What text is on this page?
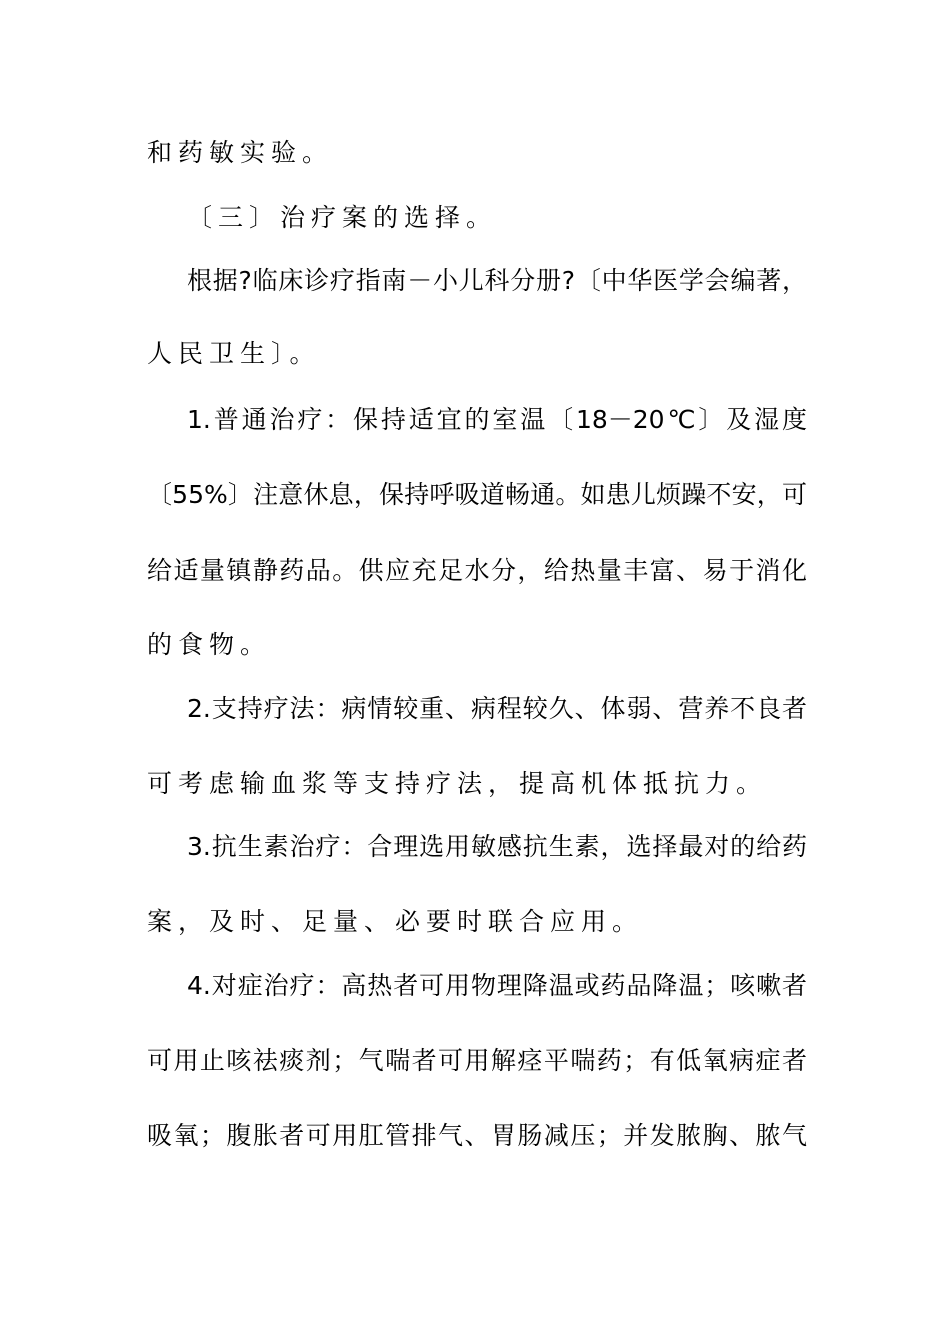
和药敏实验。
〔三〕治疗案的选择。
根据?临床诊疗指南－小儿科分册?〔中华医学会编著，
人民卫生〕。
1.普通治疗：保持适宜的室温〔18－20℃〕及湿度
〔55%〕注意休息，保持呼吸道畅通。如患儿烦躁不安，可
给适量镇静药品。供应充足水分，给热量丰富、易于消化
的食物。
2.支持疗法：病情较重、病程较久、体弱、营养不良者
可考虑输血浆等支持疗法，提高机体抵抗力。
3.抗生素治疗：合理选用敏感抗生素，选择最对的给药
案，及时、足量、必要时联合应用。
4.对症治疗：高热者可用物理降温或药品降温；咳嗽者
可用止咳祛痰剂；气喘者可用解痉平喘药；有低氧病症者
吸氧；腹胀者可用肛管排气、胃肠减压；并发脓胸、脓气
